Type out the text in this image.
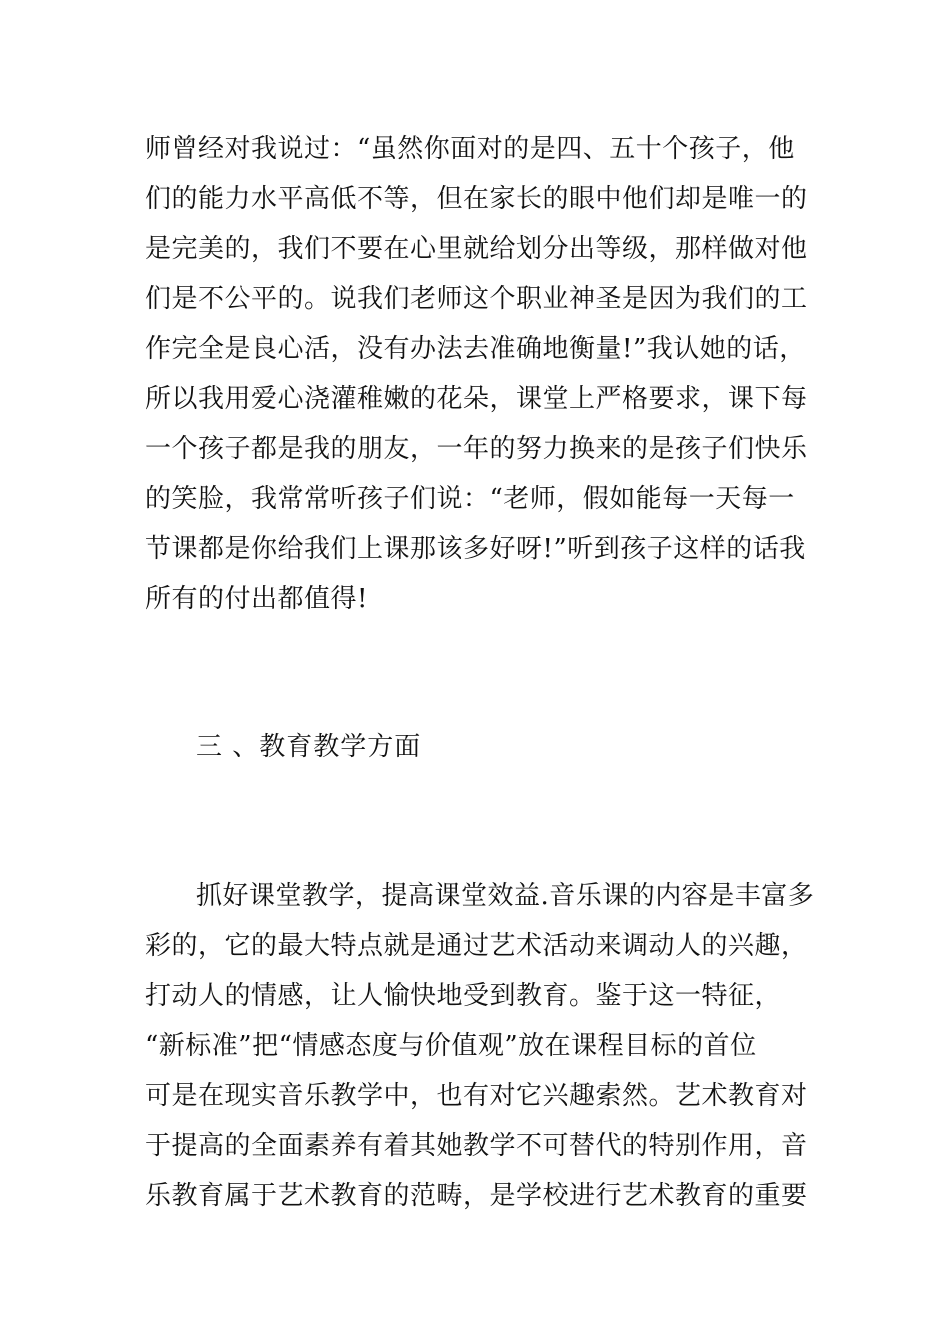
师曾经对我说过：“虽然你面对的是四、五十个孩子，他
们的能力水平高低不等，但在家长的眼中他们却是唯一的
是完美的，我们不要在心里就给划分出等级，那样做对他
们是不公平的。说我们老师这个职业神圣是因为我们的工
作完全是良心活，没有办法去准确地衡量!”我认她的话，
所以我用爱心浇灌稚嫩的花朵，课堂上严格要求，课下每
一个孩子都是我的朋友，一年的努力换来的是孩子们快乐
的笑脸，我常常听孩子们说：“老师，假如能每一天每一
节课都是你给我们上课那该多好呀!”听到孩子这样的话我
所有的付出都值得!
三 、教育教学方面
抓好课堂教学，提高课堂效益.音乐课的内容是丰富多
彩的，它的最大特点就是通过艺术活动来调动人的兴趣，
打动人的情感，让人愉快地受到教育。鉴于这一特征，
“新标准”把“情感态度与价值观”放在课程目标的首位
可是在现实音乐教学中，也有对它兴趣索然。艺术教育对
于提高的全面素养有着其她教学不可替代的特别作用，音
乐教育属于艺术教育的范畴，是学校进行艺术教育的重要
